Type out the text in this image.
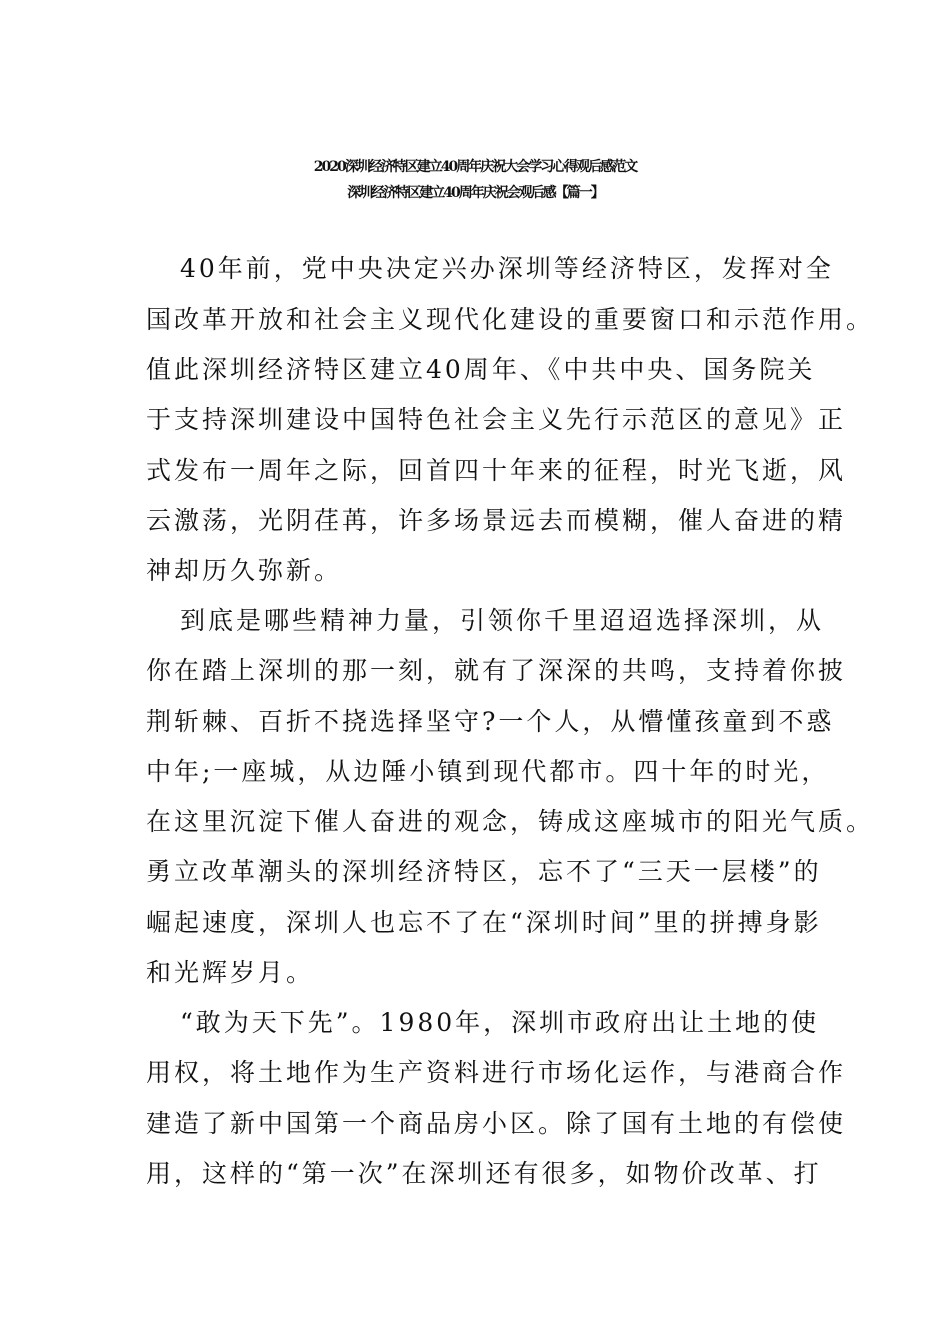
2020深圳经济特区建立40周年庆祝大会学习心得观后感范文
深圳经济特区建立40周年庆祝会观后感【篇一】
40年前，党中央决定兴办深圳等经济特区，发挥对全
国改革开放和社会主义现代化建设的重要窗口和示范作用。
值此深圳经济特区建立40周年、《中共中央、国务院关
于支持深圳建设中国特色社会主义先行示范区的意见》正
式发布一周年之际，回首四十年来的征程，时光飞逝，风
云激荡，光阴荏苒，许多场景远去而模糊，催人奋进的精
神却历久弥新。
到底是哪些精神力量，引领你千里迢迢选择深圳，从
你在踏上深圳的那一刻，就有了深深的共鸣，支持着你披
荆斩棘、百折不挠选择坚守?一个人，从懵懂孩童到不惑
中年;一座城，从边陲小镇到现代都市。四十年的时光，
在这里沉淀下催人奋进的观念，铸成这座城市的阳光气质。
勇立改革潮头的深圳经济特区，忘不了“三天一层楼”的
崛起速度，深圳人也忘不了在“深圳时间”里的拼搏身影
和光辉岁月。
“敢为天下先”。1980年，深圳市政府出让土地的使
用权，将土地作为生产资料进行市场化运作，与港商合作
建造了新中国第一个商品房小区。除了国有土地的有偿使
用，这样的“第一次”在深圳还有很多，如物价改革、打
